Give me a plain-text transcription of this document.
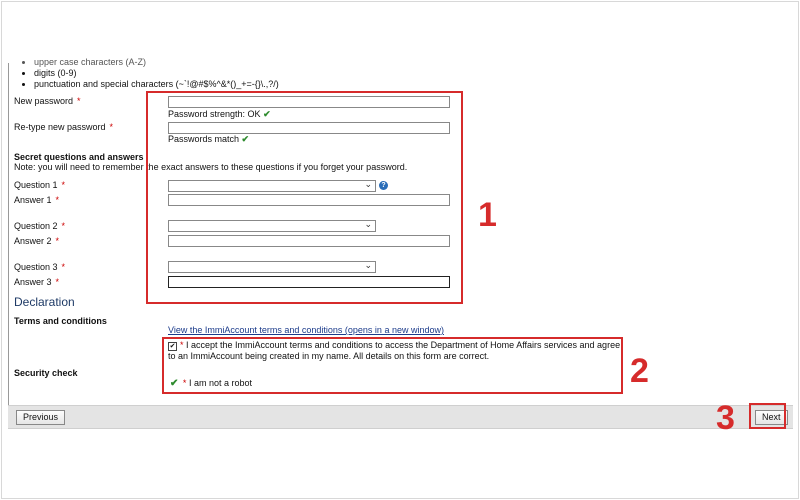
• upper case characters (A-Z)
• digits (0-9)
• punctuation and special characters (~`!@#$%^&*()_+=-{}\.,?/)
New password *
Password strength: OK ✔
Re-type new password *
Passwords match ✔
Secret questions and answers
Note: you will need to remember the exact answers to these questions if you forget your password.
Question 1 *	⌄	?
Answer 1 *
Question 2 *	⌄
Answer 2 *
Question 3 *	⌄
Answer 3 *
Declaration
Terms and conditions
View the ImmiAccount terms and conditions (opens in a new window)
* I accept the ImmiAccount terms and conditions to access the Department of Home Affairs services and agree to an ImmiAccount being created in my name. All details on this form are correct.
✔
Security check
✔ * I am not a robot
Previous	Next
1
2
3
